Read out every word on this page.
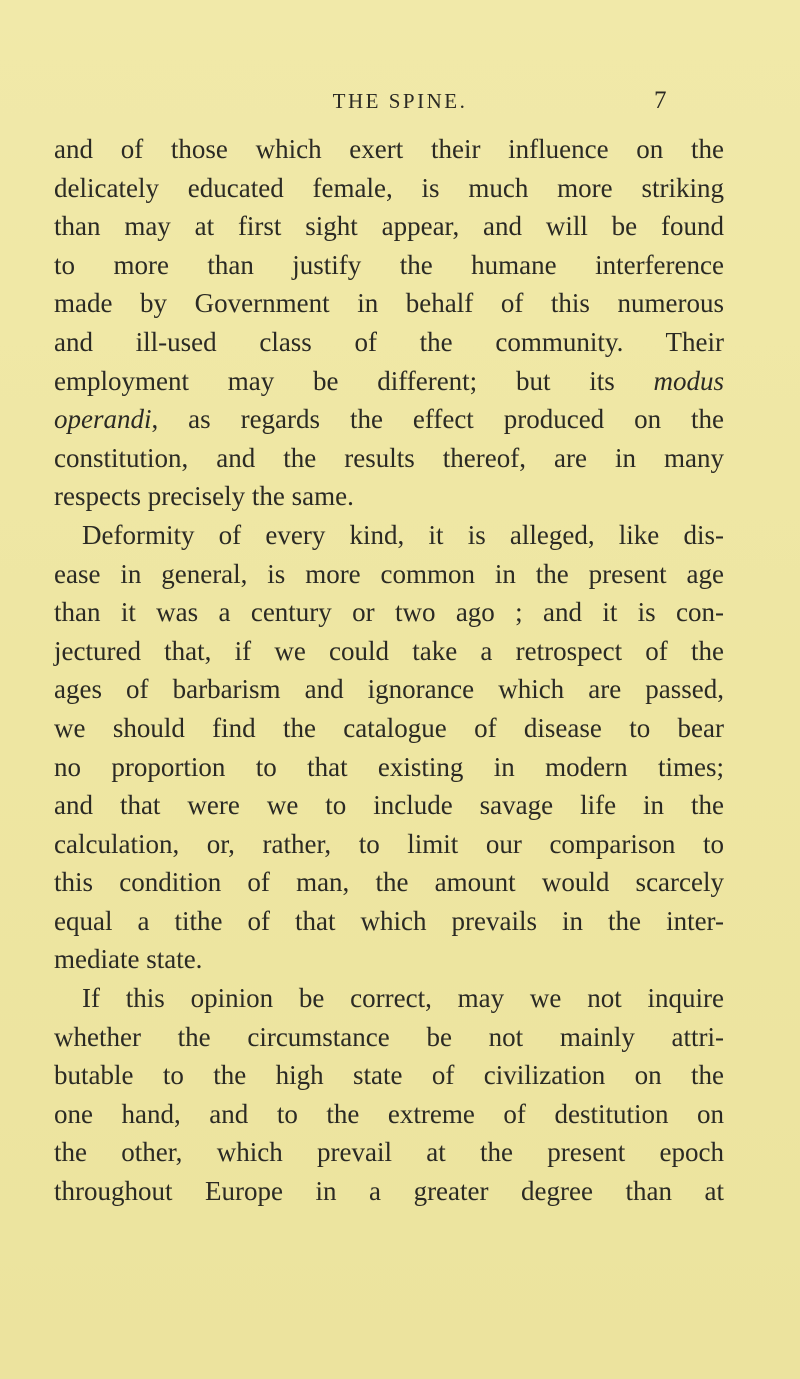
THE SPINE.	7
and of those which exert their influence on the
delicately educated female, is much more striking
than may at first sight appear, and will be found
to more than justify the humane interference
made by Government in behalf of this numerous
and ill-used class of the community. Their
employment may be different; but its modus
operandi, as regards the effect produced on the
constitution, and the results thereof, are in many
respects precisely the same.
Deformity of every kind, it is alleged, like dis-
ease in general, is more common in the present age
than it was a century or two ago ; and it is con-
jectured that, if we could take a retrospect of the
ages of barbarism and ignorance which are passed,
we should find the catalogue of disease to bear
no proportion to that existing in modern times;
and that were we to include savage life in the
calculation, or, rather, to limit our comparison to
this condition of man, the amount would scarcely
equal a tithe of that which prevails in the inter-
mediate state.
If this opinion be correct, may we not inquire
whether the circumstance be not mainly attri-
butable to the high state of civilization on the
one hand, and to the extreme of destitution on
the other, which prevail at the present epoch
throughout Europe in a greater degree than at
